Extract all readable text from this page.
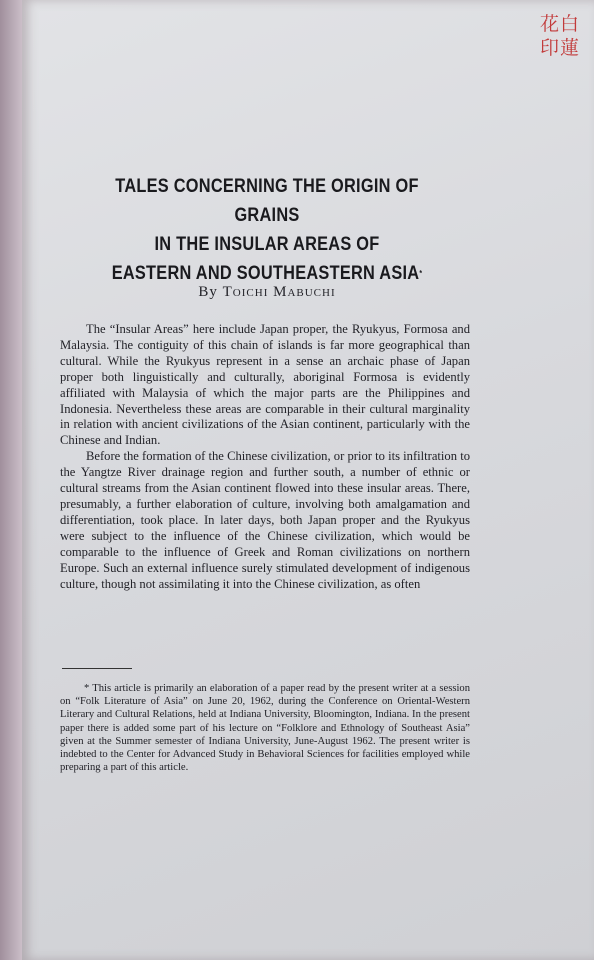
花白
印蓮
TALES CONCERNING THE ORIGIN OF GRAINS
IN THE INSULAR AREAS OF
EASTERN AND SOUTHEASTERN ASIA*
By Toichi Mabuchi

The “Insular Areas” here include Japan proper, the Ryukyus, Formosa and Malaysia. The contiguity of this chain of islands is far more geographical than cultural. While the Ryukyus represent in a sense an archaic phase of Japan proper both linguistically and culturally, aboriginal Formosa is evidently affiliated with Malaysia of which the major parts are the Philippines and Indonesia. Nevertheless these areas are comparable in their cultural marginality in relation with ancient civilizations of the Asian continent, particularly with the Chinese and Indian.

Before the formation of the Chinese civilization, or prior to its infiltration to the Yangtze River drainage region and further south, a number of ethnic or cultural streams from the Asian continent flowed into these insular areas. There, presumably, a further elaboration of culture, involving both amalgamation and differentiation, took place. In later days, both Japan proper and the Ryukyus were subject to the influence of the Chinese civilization, which would be comparable to the influence of Greek and Roman civilizations on northern Europe. Such an external influence surely stimulated development of indigenous culture, though not assimilating it into the Chinese civilization, as often

* This article is primarily an elaboration of a paper read by the present writer at a session on “Folk Literature of Asia” on June 20, 1962, during the Conference on Oriental-Western Literary and Cultural Relations, held at Indiana University, Bloomington, Indiana. In the present paper there is added some part of his lecture on “Folklore and Ethnology of Southeast Asia” given at the Summer semester of Indiana University, June-August 1962. The present writer is indebted to the Center for Advanced Study in Behavioral Sciences for facilities employed while preparing a part of this article.
